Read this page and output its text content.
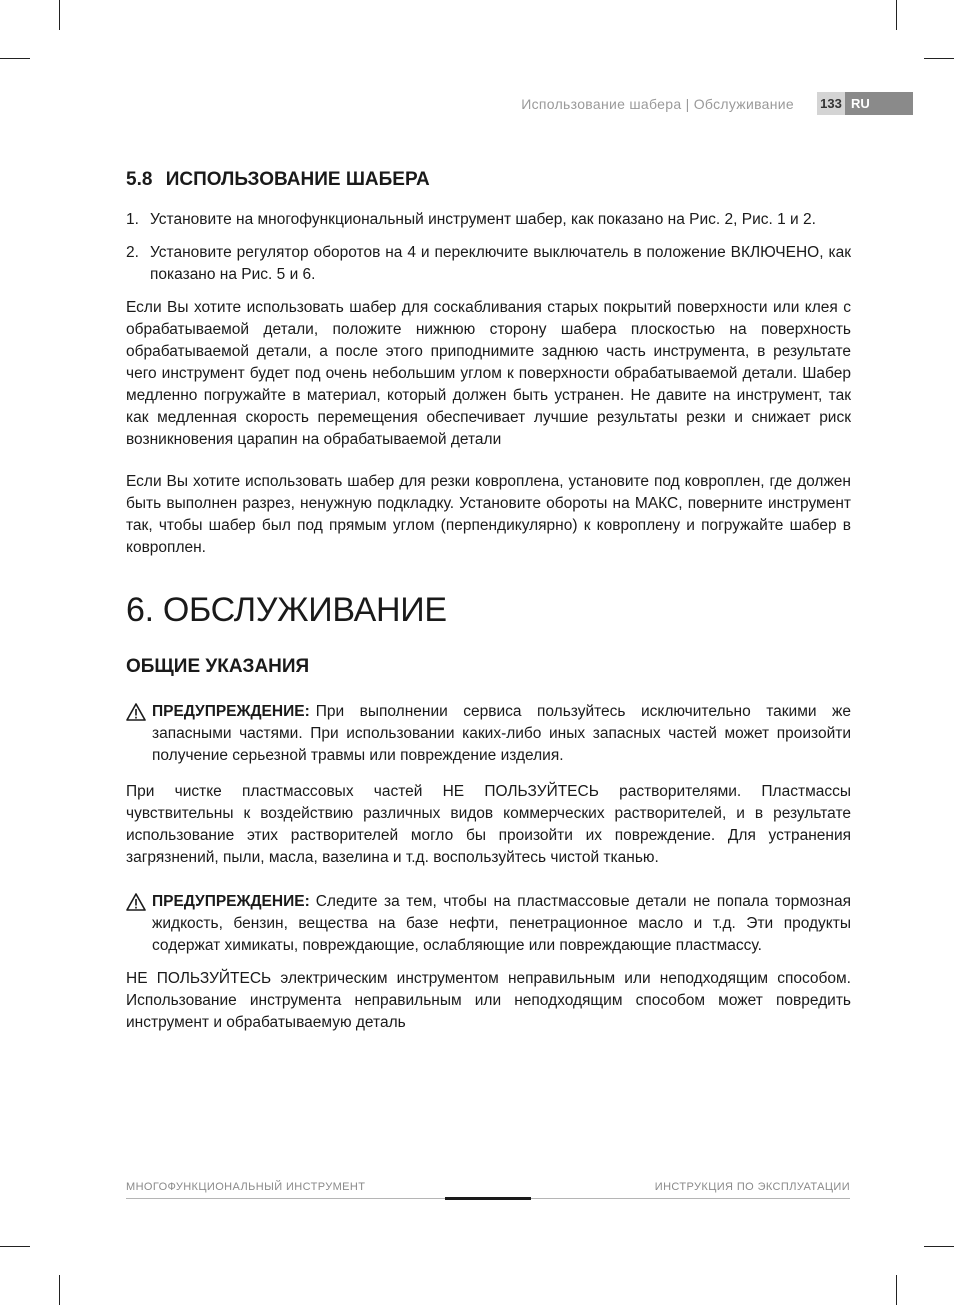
Использование шабера | Обслуживание 133 RU
5.8 ИСПОЛЬЗОВАНИЕ ШАБЕРА
1. Установите на многофункциональный инструмент шабер, как показано на Рис. 2, Рис. 1 и 2.
2. Установите регулятор оборотов на 4 и переключите выключатель в положение ВКЛЮЧЕНО, как показано на Рис. 5 и 6.

Если Вы хотите использовать шабер для соскабливания старых покрытий поверхности или клея с обрабатываемой детали, положите нижнюю сторону шабера плоскостью на поверхность обрабатываемой детали, а после этого приподнимите заднюю часть инструмента, в результате чего инструмент будет под очень небольшим углом к поверхности обрабатываемой детали. Шабер медленно погружайте в материал, который должен быть устранен. Не давите на инструмент, так как медленная скорость перемещения обеспечивает лучшие результаты резки и снижает риск возникновения царапин на обрабатываемой детали

Если Вы хотите использовать шабер для резки ковроплена, установите под ковроплен, где должен быть выполнен разрез, ненужную подкладку. Установите обороты на МАКС, поверните инструмент так, чтобы шабер был под прямым углом (перпендикулярно) к ковроплену и погружайте шабер в ковроплен.

6. ОБСЛУЖИВАНИЕ
ОБЩИЕ УКАЗАНИЯ
ПРЕДУПРЕЖДЕНИЕ: При выполнении сервиса пользуйтесь исключительно такими же запасными частями. При использовании каких-либо иных запасных частей может произойти получение серьезной травмы или повреждение изделия.

При чистке пластмассовых частей НЕ ПОЛЬЗУЙТЕСЬ растворителями. Пластмассы чувствительны к воздействию различных видов коммерческих растворителей, и в результате использование этих растворителей могло бы произойти их повреждение. Для устранения загрязнений, пыли, масла, вазелина и т.д. воспользуйтесь чистой тканью.

ПРЕДУПРЕЖДЕНИЕ: Следите за тем, чтобы на пластмассовые детали не попала тормозная жидкость, бензин, вещества на базе нефти, пенетрационное масло и т.д. Эти продукты содержат химикаты, повреждающие, ослабляющие или повреждающие пластмассу.

НЕ ПОЛЬЗУЙТЕСЬ электрическим инструментом неправильным или неподходящим способом. Использование инструмента неправильным или неподходящим способом может повредить инструмент и обрабатываемую деталь

МНОГОФУНКЦИОНАЛЬНЫЙ ИНСТРУМЕНТ	ИНСТРУКЦИЯ ПО ЭКСПЛУАТАЦИИ
